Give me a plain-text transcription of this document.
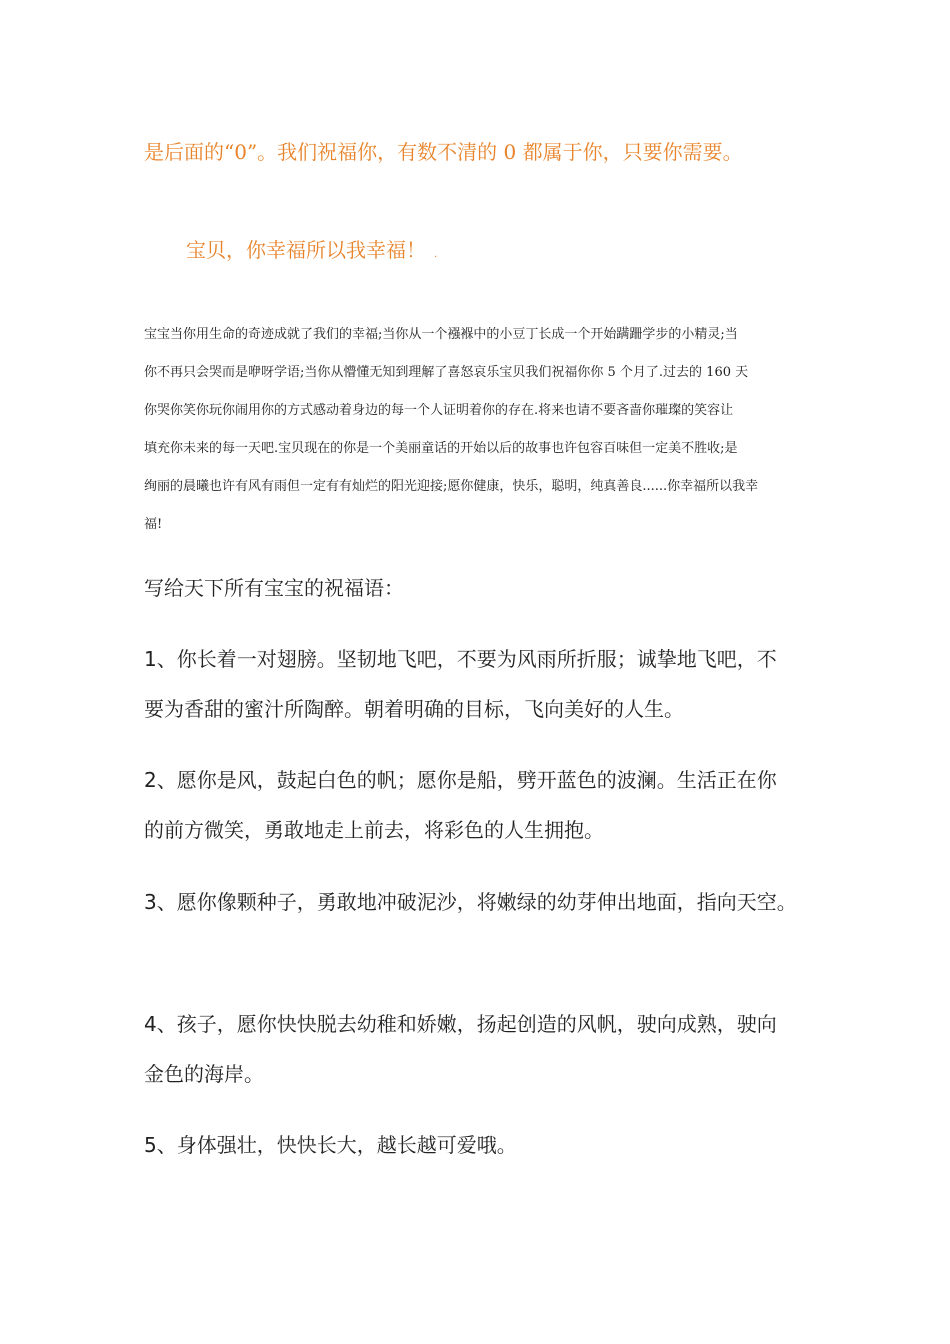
是后面的“0”。我们祝福你，有数不清的 0 都属于你，只要你需要。
宝贝，你幸福所以我幸福！ .
宝宝当你用生命的奇迹成就了我们的幸福;当你从一个襁褓中的小豆丁长成一个开始蹒跚学步的小精灵;当
你不再只会哭而是咿呀学语;当你从懵懂无知到理解了喜怒哀乐宝贝我们祝福你你 5 个月了.过去的 160 天
你哭你笑你玩你闹用你的方式感动着身边的每一个人证明着你的存在.将来也请不要吝啬你璀璨的笑容让
填充你未来的每一天吧.宝贝现在的你是一个美丽童话的开始以后的故事也许包容百味但一定美不胜收;是
绚丽的晨曦也许有风有雨但一定有有灿烂的阳光迎接;愿你健康，快乐，聪明，纯真善良......你幸福所以我幸
福!
写给天下所有宝宝的祝福语：
1、你长着一对翅膀。坚韧地飞吧，不要为风雨所折服；诚挚地飞吧，不
要为香甜的蜜汁所陶醉。朝着明确的目标，飞向美好的人生。
2、愿你是风，鼓起白色的帆；愿你是船，劈开蓝色的波澜。生活正在你
的前方微笑，勇敢地走上前去，将彩色的人生拥抱。
3、愿你像颗种子，勇敢地冲破泥沙，将嫩绿的幼芽伸出地面，指向天空。
4、孩子，愿你快快脱去幼稚和娇嫩，扬起创造的风帆，驶向成熟，驶向
金色的海岸。
5、身体强壮，快快长大，越长越可爱哦。
